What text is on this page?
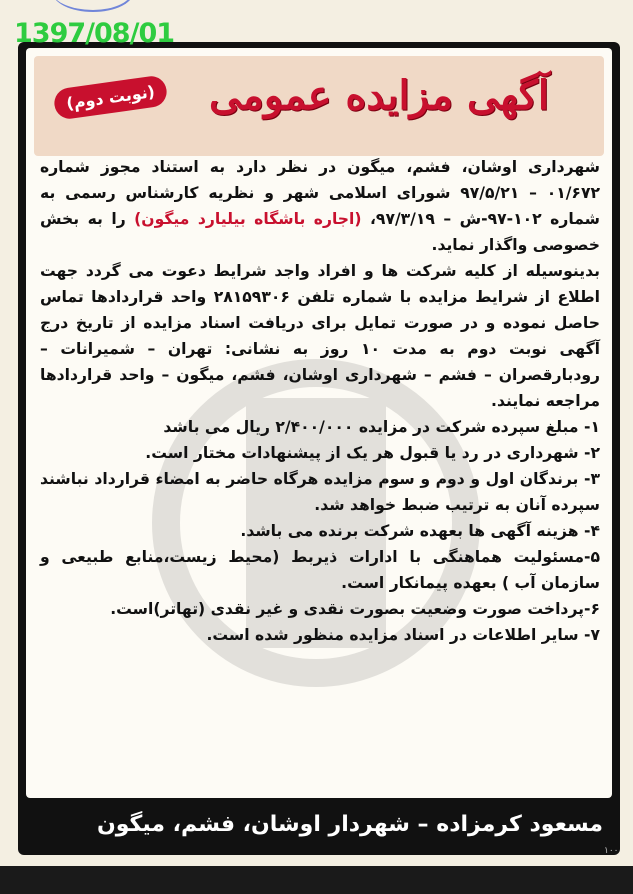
1397/08/01
(نوبت دوم)	آگهی مزایده عمومی

شهرداری اوشان، فشم، میگون در نظر دارد به استناد مجوز شماره ۰۱/۶۷۲ – ۹۷/۵/۲۱ شورای اسلامی شهر و نظریه کارشناس رسمی به شماره ۱۰۲-۹۷-ش – ۹۷/۳/۱۹، (اجاره باشگاه بیلیارد میگون) را به بخش خصوصی واگذار نماید.

بدینوسیله از کلیه شرکت ها و افراد واجد شرایط دعوت می گردد جهت اطلاع از شرایط مزایده با شماره تلفن ۲۸۱۵۹۳۰۶ واحد قراردادها تماس حاصل نموده و در صورت تمایل برای دریافت اسناد مزایده از تاریخ درج آگهی نوبت دوم به مدت ۱۰ روز به نشانی: تهران – شمیرانات – رودبارقصران – فشم – شهرداری اوشان، فشم، میگون – واحد قراردادها مراجعه نمایند.

۱- مبلغ سپرده شرکت در مزایده ۲/۴۰۰/۰۰۰ ریال می باشد
۲- شهرداری در رد یا قبول هر یک از پیشنهادات مختار است.
۳- برندگان اول و دوم و سوم مزایده هرگاه حاضر به امضاء قرارداد نباشند سپرده آنان به ترتیب ضبط خواهد شد.
۴- هزینه آگهی ها بعهده شرکت برنده می باشد.
۵-مسئولیت هماهنگی با ادارات ذیربط (محیط زیست،منابع طبیعی و سازمان آب ) بعهده پیمانکار است.
۶-پرداخت صورت وضعیت بصورت نقدی و غیر نقدی (تهاتر)است.
۷- سایر اطلاعات در اسناد مزایده منظور شده است.
مسعود کرمزاده – شهردار اوشان، فشم، میگون
۱۰۰
